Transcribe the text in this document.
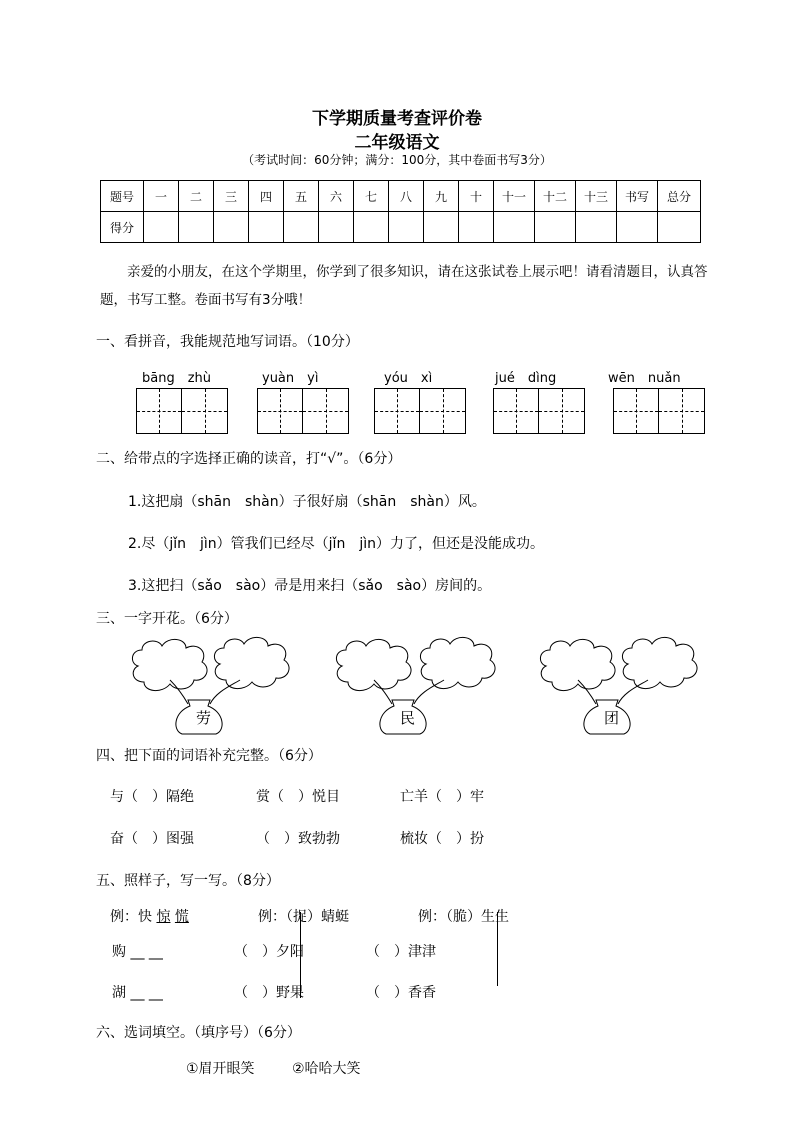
下学期质量考查评价卷
二年级语文
（考试时间：60分钟；满分：100分，其中卷面书写3分）
题号	一	二	三	四	五	六	七	八	九	十	十一	十二	十三	书写	总分
得分															
亲爱的小朋友，在这个学期里，你学到了很多知识，请在这张试卷上展示吧！请看清题目，认真答题，书写工整。卷面书写有3分哦！
一、看拼音，我能规范地写词语。（10分）
bāng　zhù	yuàn　yì	yóu　xì	jué　dìng	wēn　nuǎn
二、给带点的字选择正确的读音，打“√”。（6分）
1.这把扇（shān　shàn）子很好扇（shān　shàn）风。
2.尽（jǐn　jìn）管我们已经尽（jǐn　jìn）力了，但还是没能成功。
3.这把扫（sǎo　sào）帚是用来扫（sǎo　sào）房间的。
三、一字开花。（6分）
劳	民	团
四、把下面的词语补充完整。（6分）
与（　）隔绝	赏（　）悦目	亡羊（　）牢
奋（　）图强	（　）致勃勃	梳妆（　）扮
五、照样子，写一写。（8分）
例：快 惊 慌	例：（捉）蜻蜓	例：（脆）生生
购 __ __	（　）夕阳	（　）津津
湖 __ __	（　）野果	（　）香香
六、选词填空。（填序号）（6分）
①眉开眼笑	②哈哈大笑
